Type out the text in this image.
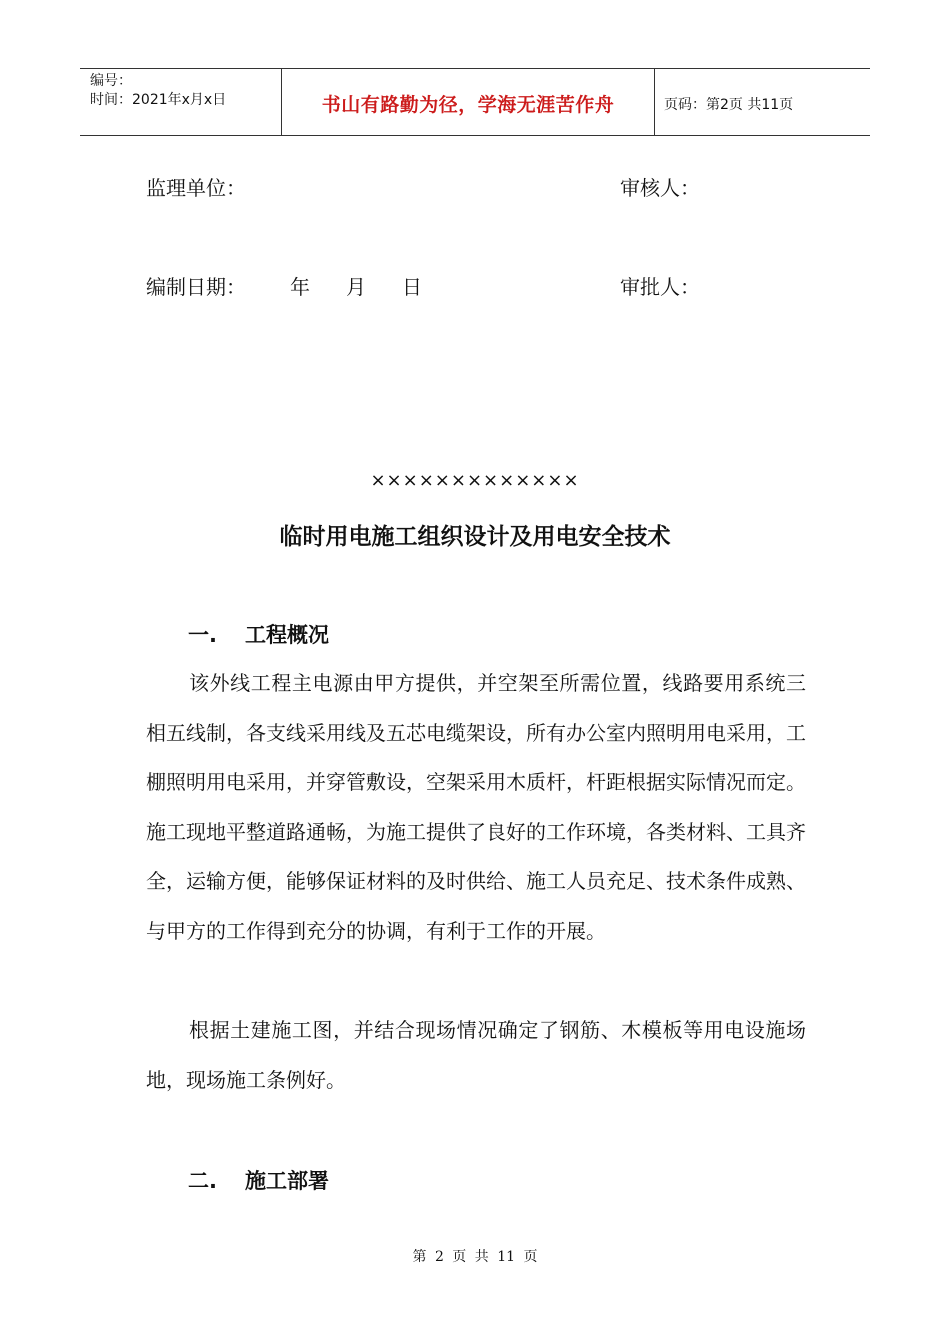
编号：
时间：2021年x月x日	书山有路勤为径，学海无涯苦作舟	页码：第2页 共11页
监理单位：	审核人：
编制日期： 年 月 日	审批人：
×××××××××××××
临时用电施工组织设计及用电安全技术
一. 工程概况
该外线工程主电源由甲方提供，并空架至所需位置，线路要用系统三相五线制，各支线采用线及五芯电缆架设，所有办公室内照明用电采用，工棚照明用电采用，并穿管敷设，空架采用木质杆，杆距根据实际情况而定。施工现地平整道路通畅，为施工提供了良好的工作环境，各类材料、工具齐全，运输方便，能够保证材料的及时供给、施工人员充足、技术条件成熟、与甲方的工作得到充分的协调，有利于工作的开展。
根据土建施工图，并结合现场情况确定了钢筋、木模板等用电设施场地，现场施工条例好。
二. 施工部署
第 2 页 共 11 页
